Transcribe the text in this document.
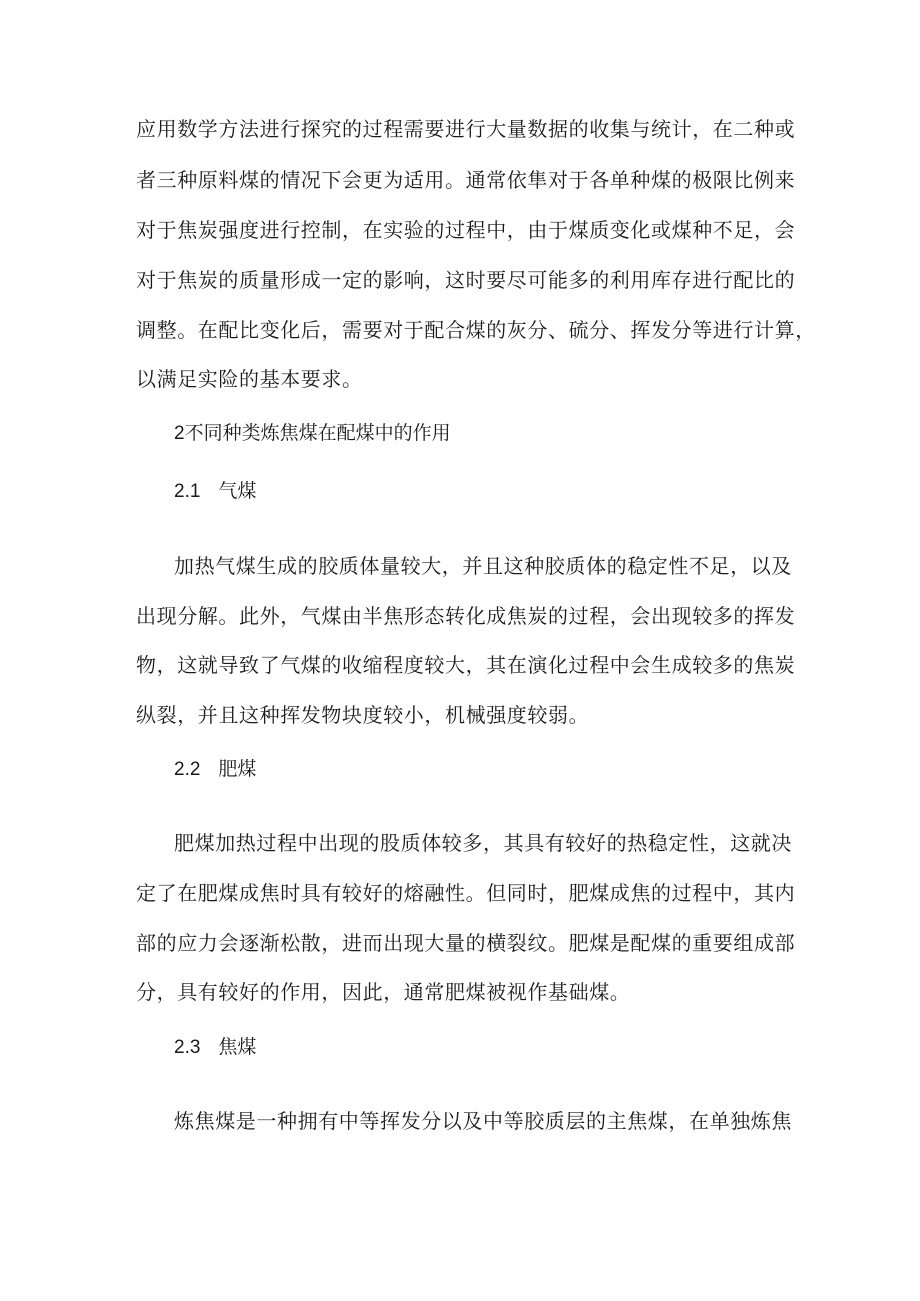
应用数学方法进行探究的过程需要进行大量数据的收集与统计，在二种或
者三种原料煤的情况下会更为适用。通常依隼对于各单种煤的极限比例来
对于焦炭强度进行控制，在实验的过程中，由于煤质变化或煤种不足，会
对于焦炭的质量形成一定的影响，这时要尽可能多的利用库存进行配比的
调整。在配比变化后，需要对于配合煤的灰分、硫分、挥发分等进行计算，
以满足实险的基本要求。
2不同种类炼焦煤在配煤中的作用
2.1 气煤
加热气煤生成的胶质体量较大，并且这种胶质体的稳定性不足，以及
出现分解。此外，气煤由半焦形态转化成焦炭的过程，会出现较多的挥发
物，这就导致了气煤的收缩程度较大，其在演化过程中会生成较多的焦炭
纵裂，并且这种挥发物块度较小，机械强度较弱。
2.2 肥煤
肥煤加热过程中出现的股质体较多，其具有较好的热稳定性，这就决
定了在肥煤成焦时具有较好的熔融性。但同时，肥煤成焦的过程中，其内
部的应力会逐渐松散，进而出现大量的横裂纹。肥煤是配煤的重要组成部
分，具有较好的作用，因此，通常肥煤被视作基础煤。
2.3 焦煤
炼焦煤是一种拥有中等挥发分以及中等胶质层的主焦煤，在单独炼焦
